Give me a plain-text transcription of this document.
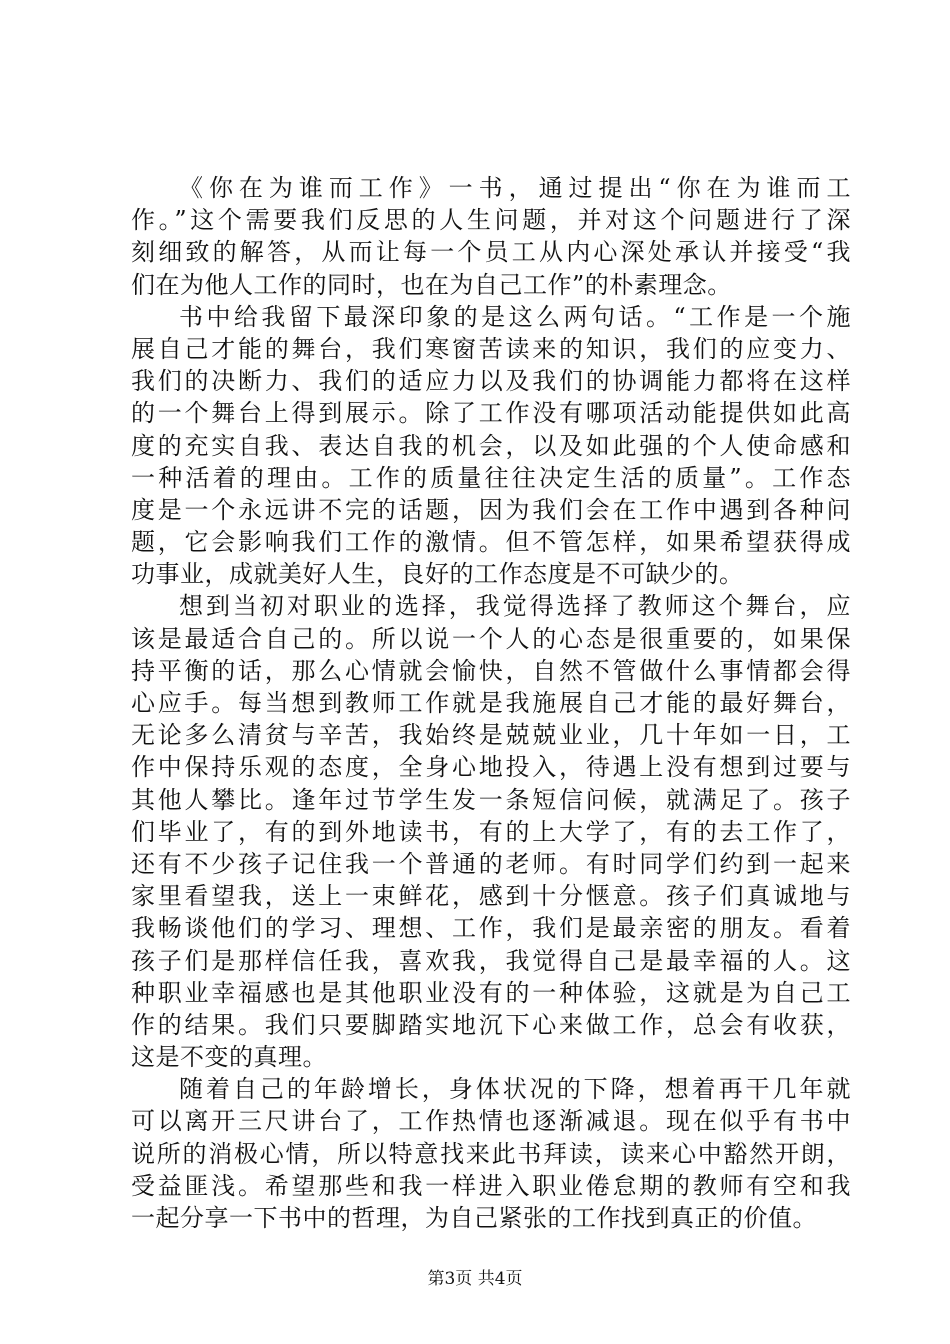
《你在为谁而工作》一书，通过提出“你在为谁而工
作。”这个需要我们反思的人生问题，并对这个问题进行了深
刻细致的解答，从而让每一个员工从内心深处承认并接受“我
们在为他人工作的同时，也在为自己工作”的朴素理念。
书中给我留下最深印象的是这么两句话。“工作是一个施
展自己才能的舞台，我们寒窗苦读来的知识，我们的应变力、
我们的决断力、我们的适应力以及我们的协调能力都将在这样
的一个舞台上得到展示。除了工作没有哪项活动能提供如此高
度的充实自我、表达自我的机会，以及如此强的个人使命感和
一种活着的理由。工作的质量往往决定生活的质量”。工作态
度是一个永远讲不完的话题，因为我们会在工作中遇到各种问
题，它会影响我们工作的激情。但不管怎样，如果希望获得成
功事业，成就美好人生，良好的工作态度是不可缺少的。
想到当初对职业的选择，我觉得选择了教师这个舞台，应
该是最适合自己的。所以说一个人的心态是很重要的，如果保
持平衡的话，那么心情就会愉快，自然不管做什么事情都会得
心应手。每当想到教师工作就是我施展自己才能的最好舞台，
无论多么清贫与辛苦，我始终是兢兢业业，几十年如一日，工
作中保持乐观的态度，全身心地投入，待遇上没有想到过要与
其他人攀比。逢年过节学生发一条短信问候，就满足了。孩子
们毕业了，有的到外地读书，有的上大学了，有的去工作了，
还有不少孩子记住我一个普通的老师。有时同学们约到一起来
家里看望我，送上一束鲜花，感到十分惬意。孩子们真诚地与
我畅谈他们的学习、理想、工作，我们是最亲密的朋友。看着
孩子们是那样信任我，喜欢我，我觉得自己是最幸福的人。这
种职业幸福感也是其他职业没有的一种体验，这就是为自己工
作的结果。我们只要脚踏实地沉下心来做工作，总会有收获，
这是不变的真理。
随着自己的年龄增长，身体状况的下降，想着再干几年就
可以离开三尺讲台了，工作热情也逐渐减退。现在似乎有书中
说所的消极心情，所以特意找来此书拜读，读来心中豁然开朗，
受益匪浅。希望那些和我一样进入职业倦怠期的教师有空和我
一起分享一下书中的哲理，为自己紧张的工作找到真正的价值。
第3页 共4页
